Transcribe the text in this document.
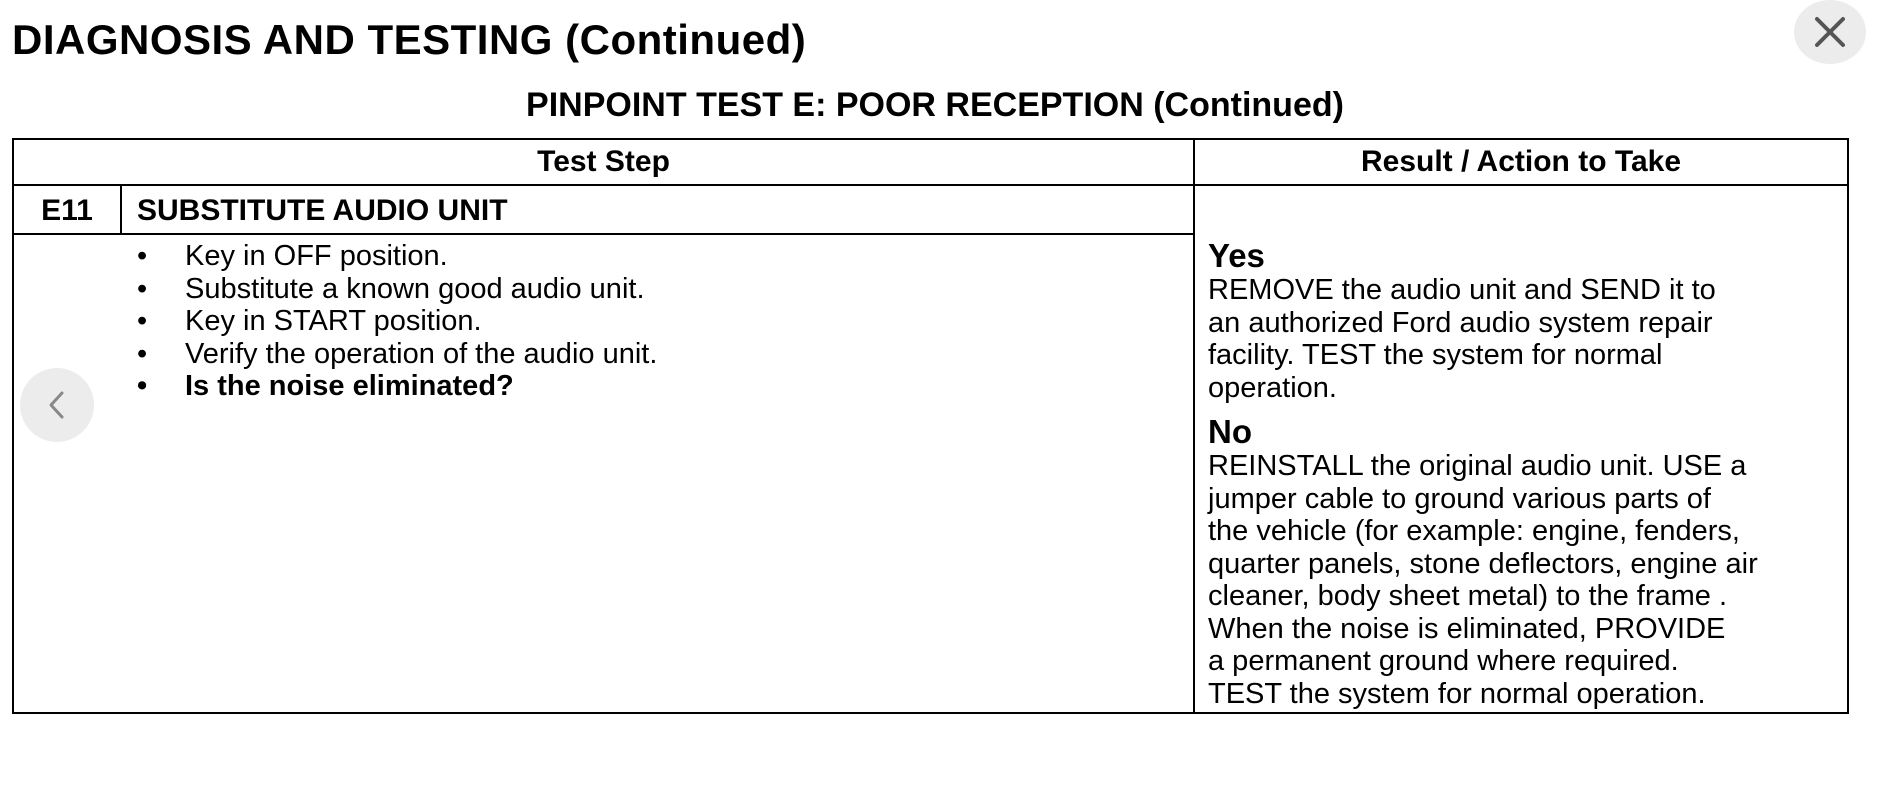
DIAGNOSIS AND TESTING (Continued)
PINPOINT TEST E: POOR RECEPTION (Continued)
Test Step	Result / Action to Take
E11	SUBSTITUTE AUDIO UNIT
• Key in OFF position.
• Substitute a known good audio unit.
• Key in START position.
• Verify the operation of the audio unit.
• Is the noise eliminated?
Yes
REMOVE the audio unit and SEND it to
an authorized Ford audio system repair
facility. TEST the system for normal
operation.
No
REINSTALL the original audio unit. USE a
jumper cable to ground various parts of
the vehicle (for example: engine, fenders,
quarter panels, stone deflectors, engine air
cleaner, body sheet metal) to the frame .
When the noise is eliminated, PROVIDE
a permanent ground where required.
TEST the system for normal operation.
